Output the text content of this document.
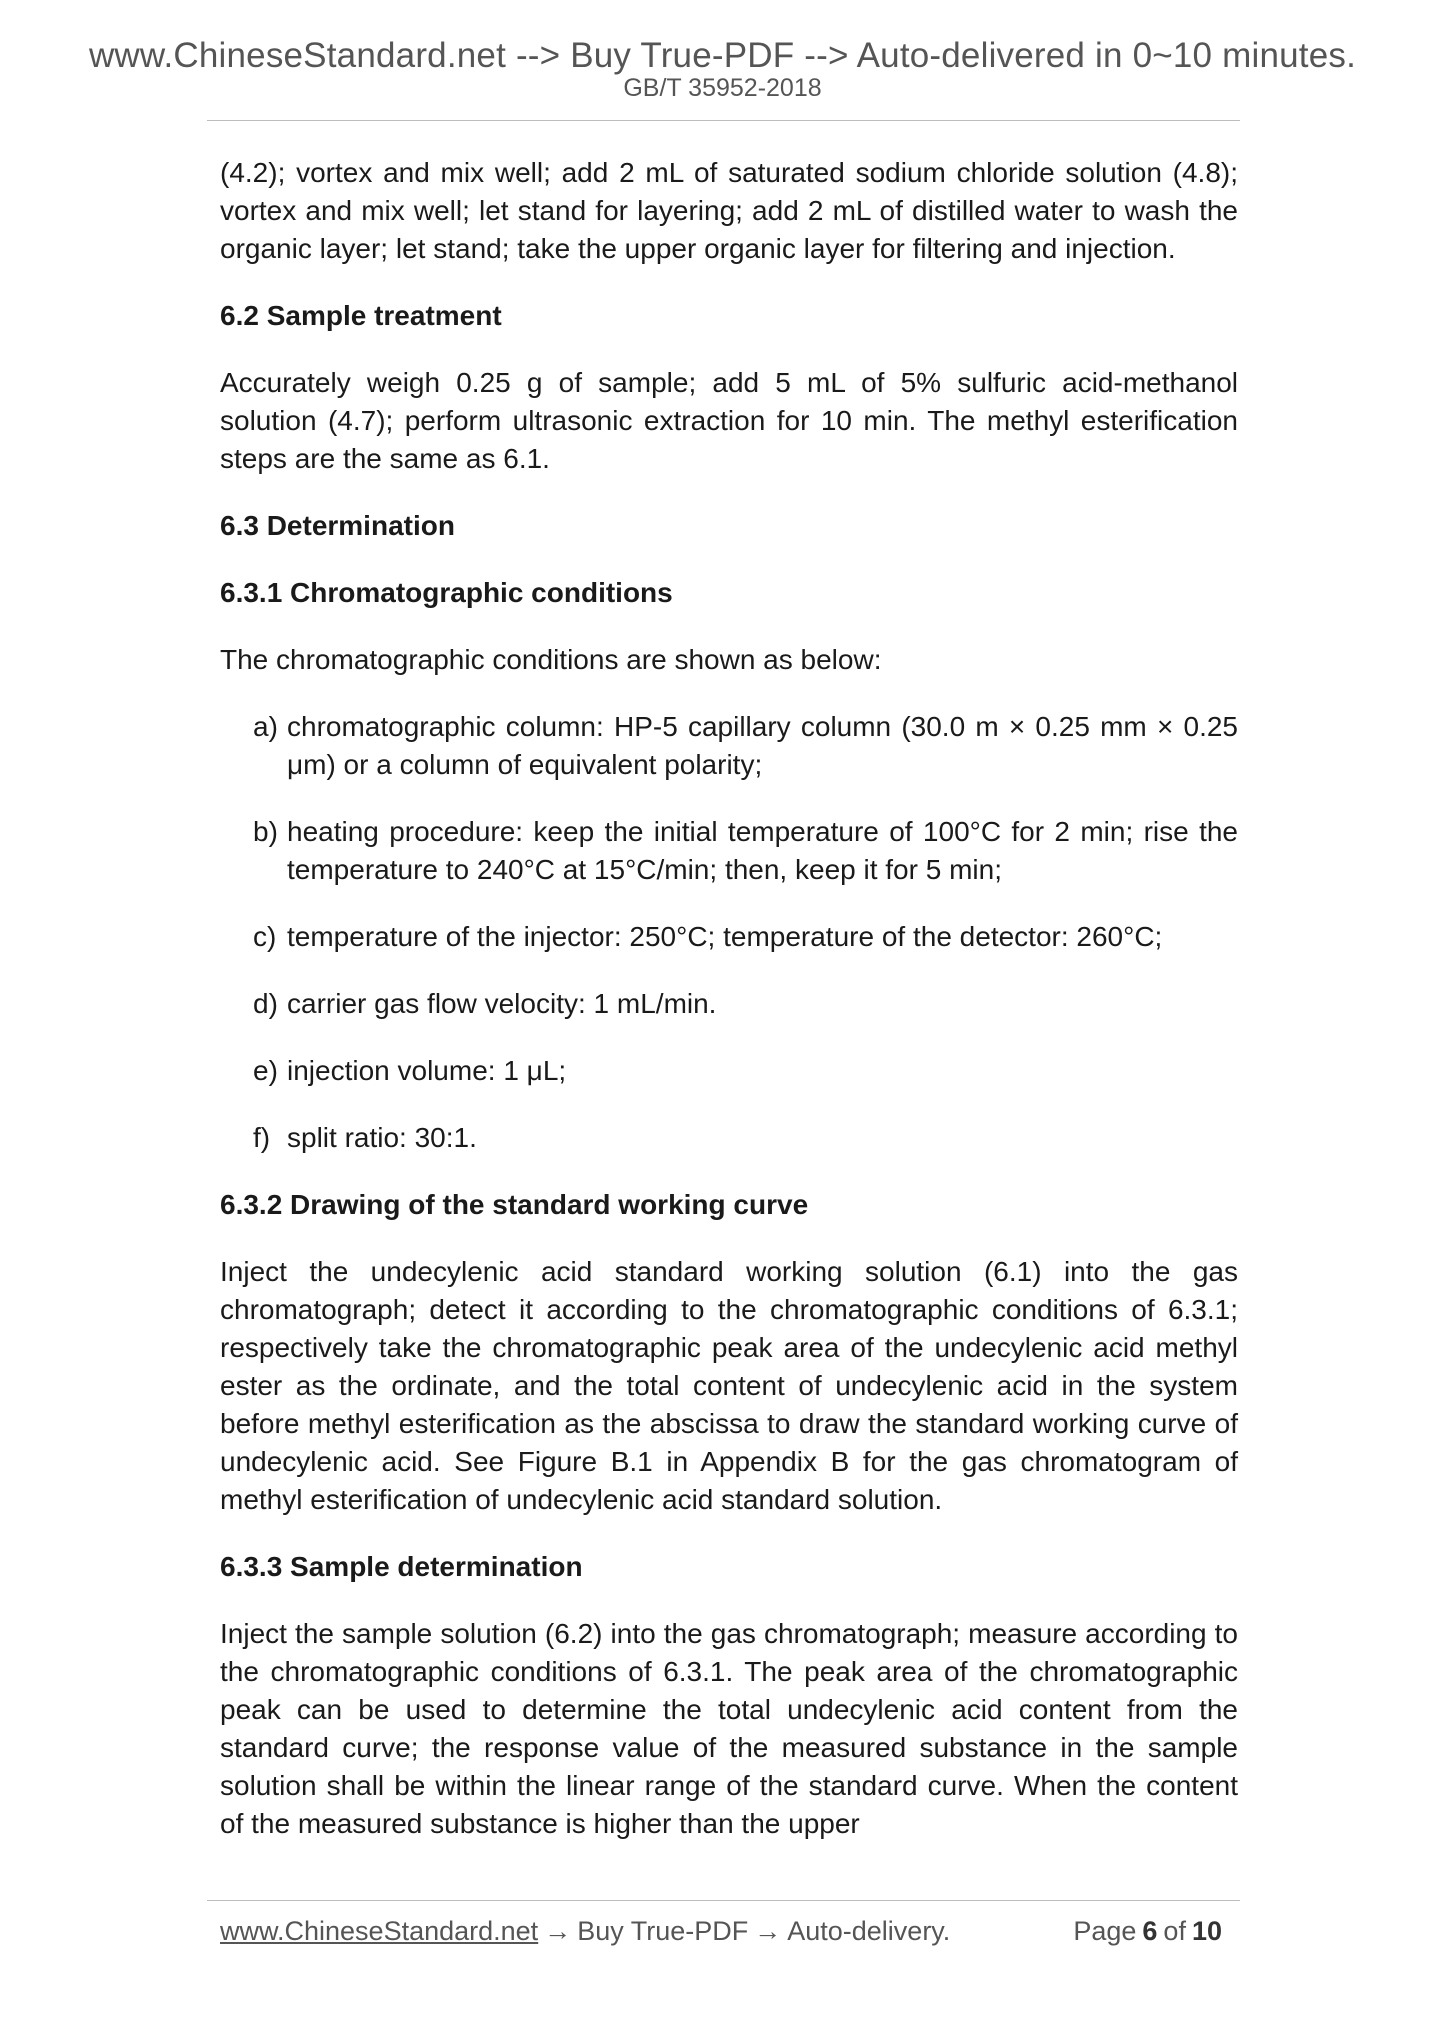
www.ChineseStandard.net --> Buy True-PDF --> Auto-delivered in 0~10 minutes.
GB/T 35952-2018

(4.2); vortex and mix well; add 2 mL of saturated sodium chloride solution (4.8); vortex and mix well; let stand for layering; add 2 mL of distilled water to wash the organic layer; let stand; take the upper organic layer for filtering and injection.

6.2 Sample treatment

Accurately weigh 0.25 g of sample; add 5 mL of 5% sulfuric acid-methanol solution (4.7); perform ultrasonic extraction for 10 min. The methyl esterification steps are the same as 6.1.

6.3 Determination
6.3.1 Chromatographic conditions

The chromatographic conditions are shown as below:

a) chromatographic column: HP-5 capillary column (30.0 m × 0.25 mm × 0.25 μm) or a column of equivalent polarity;
b) heating procedure: keep the initial temperature of 100°C for 2 min; rise the temperature to 240°C at 15°C/min; then, keep it for 5 min;
c) temperature of the injector: 250°C; temperature of the detector: 260°C;
d) carrier gas flow velocity: 1 mL/min.
e) injection volume: 1 μL;
f) split ratio: 30:1.
6.3.2 Drawing of the standard working curve

Inject the undecylenic acid standard working solution (6.1) into the gas chromatograph; detect it according to the chromatographic conditions of 6.3.1; respectively take the chromatographic peak area of the undecylenic acid methyl ester as the ordinate, and the total content of undecylenic acid in the system before methyl esterification as the abscissa to draw the standard working curve of undecylenic acid. See Figure B.1 in Appendix B for the gas chromatogram of methyl esterification of undecylenic acid standard solution.

6.3.3 Sample determination

Inject the sample solution (6.2) into the gas chromatograph; measure according to the chromatographic conditions of 6.3.1. The peak area of the chromatographic peak can be used to determine the total undecylenic acid content from the standard curve; the response value of the measured substance in the sample solution shall be within the linear range of the standard curve. When the content of the measured substance is higher than the upper

www.ChineseStandard.net → Buy True-PDF → Auto-delivery.	Page 6 of 10
